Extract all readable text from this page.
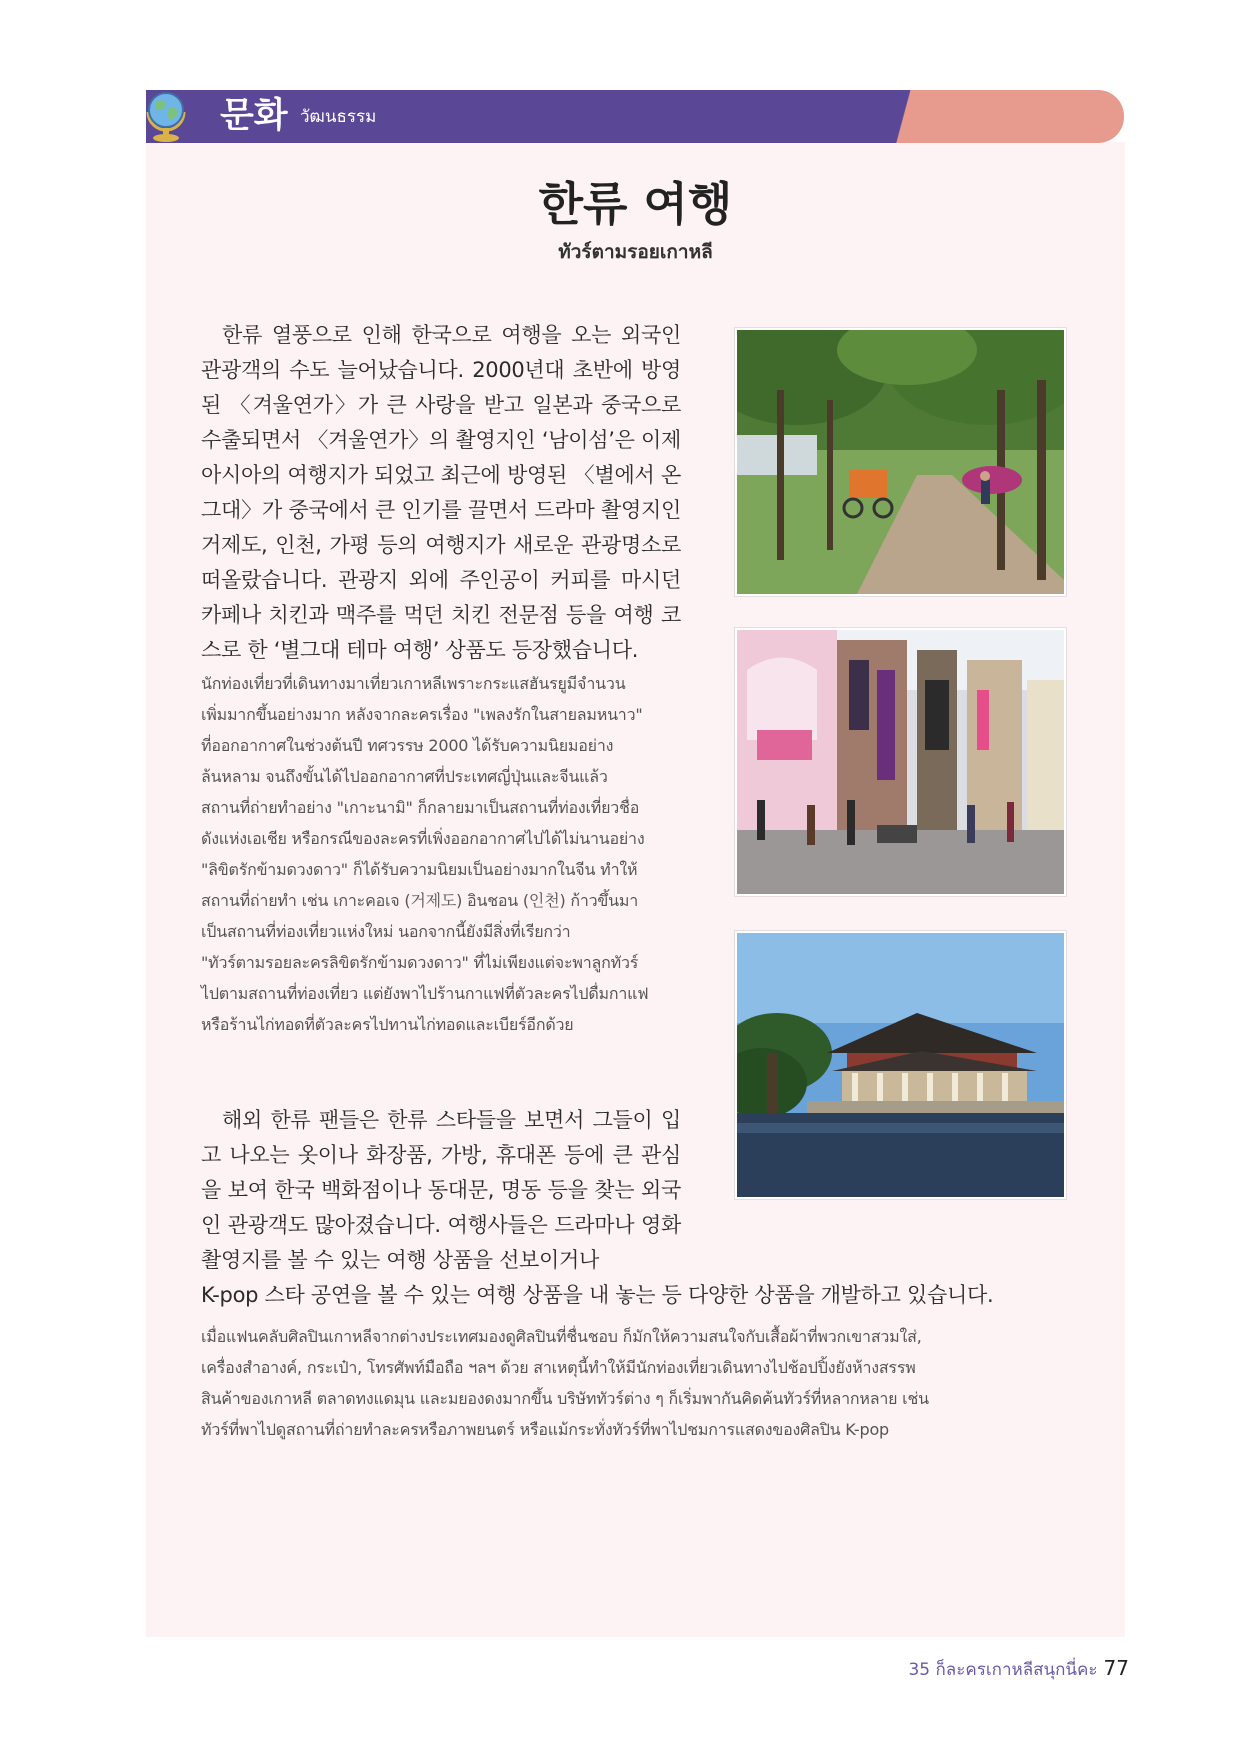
문화 วัฒนธรรม
한류 여행
ทัวร์ตามรอยเกาหลี
한류 열풍으로 인해 한국으로 여행을 오는 외국인 관광객의 수도 늘어났습니다. 2000년대 초반에 방영된 〈겨울연가〉가 큰 사랑을 받고 일본과 중국으로 수출되면서 〈겨울연가〉의 촬영지인 ‘남이섬’은 이제 아시아의 여행지가 되었고 최근에 방영된 〈별에서 온 그대〉가 중국에서 큰 인기를 끌면서 드라마 촬영지인 거제도, 인천, 가평 등의 여행지가 새로운 관광명소로 떠올랐습니다. 관광지 외에 주인공이 커피를 마시던 카페나 치킨과 맥주를 먹던 치킨 전문점 등을 여행 코스로 한 ‘별그대 테마 여행’ 상품도 등장했습니다.
นักท่องเที่ยวที่เดินทางมาเที่ยวเกาหลีเพราะกระแสฮันรยูมีจำนวน
เพิ่มมากขึ้นอย่างมาก หลังจากละครเรื่อง "เพลงรักในสายลมหนาว"
ที่ออกอากาศในช่วงต้นปี ทศวรรษ 2000 ได้รับความนิยมอย่าง
ล้นหลาม จนถึงขั้นได้ไปออกอากาศที่ประเทศญี่ปุ่นและจีนแล้ว
สถานที่ถ่ายทำอย่าง "เกาะนามิ" ก็กลายมาเป็นสถานที่ท่องเที่ยวชื่อ
ดังแห่งเอเชีย หรือกรณีของละครที่เพิ่งออกอากาศไปได้ไม่นานอย่าง
"ลิขิตรักข้ามดวงดาว" ก็ได้รับความนิยมเป็นอย่างมากในจีน ทำให้
สถานที่ถ่ายทำ เช่น เกาะคอเจ (거제도) อินชอน (인천) ก้าวขึ้นมา
เป็นสถานที่ท่องเที่ยวแห่งใหม่ นอกจากนี้ยังมีสิ่งที่เรียกว่า
"ทัวร์ตามรอยละครลิขิตรักข้ามดวงดาว" ที่ไม่เพียงแต่จะพาลูกทัวร์
ไปตามสถานที่ท่องเที่ยว แต่ยังพาไปร้านกาแฟที่ตัวละครไปดื่มกาแฟ
หรือร้านไก่ทอดที่ตัวละครไปทานไก่ทอดและเบียร์อีกด้วย
해외 한류 팬들은 한류 스타들을 보면서 그들이 입고 나오는 옷이나 화장품, 가방, 휴대폰 등에 큰 관심을 보여 한국 백화점이나 동대문, 명동 등을 찾는 외국인 관광객도 많아졌습니다. 여행사들은 드라마나 영화 촬영지를 볼 수 있는 여행 상품을 선보이거나
K-pop 스타 공연을 볼 수 있는 여행 상품을 내 놓는 등 다양한 상품을 개발하고 있습니다.
เมื่อแฟนคลับศิลปินเกาหลีจากต่างประเทศมองดูศิลปินที่ชื่นชอบ ก็มักให้ความสนใจกับเสื้อผ้าที่พวกเขาสวมใส่,
เครื่องสำอางค์, กระเป๋า, โทรศัพท์มือถือ ฯลฯ ด้วย สาเหตุนี้ทำให้มีนักท่องเที่ยวเดินทางไปช้อปปิ้งยังห้างสรรพ
สินค้าของเกาหลี ตลาดทงแดมุน และมยองดงมากขึ้น บริษัททัวร์ต่าง ๆ ก็เริ่มพากันคิดค้นทัวร์ที่หลากหลาย เช่น
ทัวร์ที่พาไปดูสถานที่ถ่ายทำละครหรือภาพยนตร์ หรือแม้กระทั่งทัวร์ที่พาไปชมการแสดงของศิลปิน K-pop
35 ก็ละครเกาหลีสนุกนี่คะ 77
